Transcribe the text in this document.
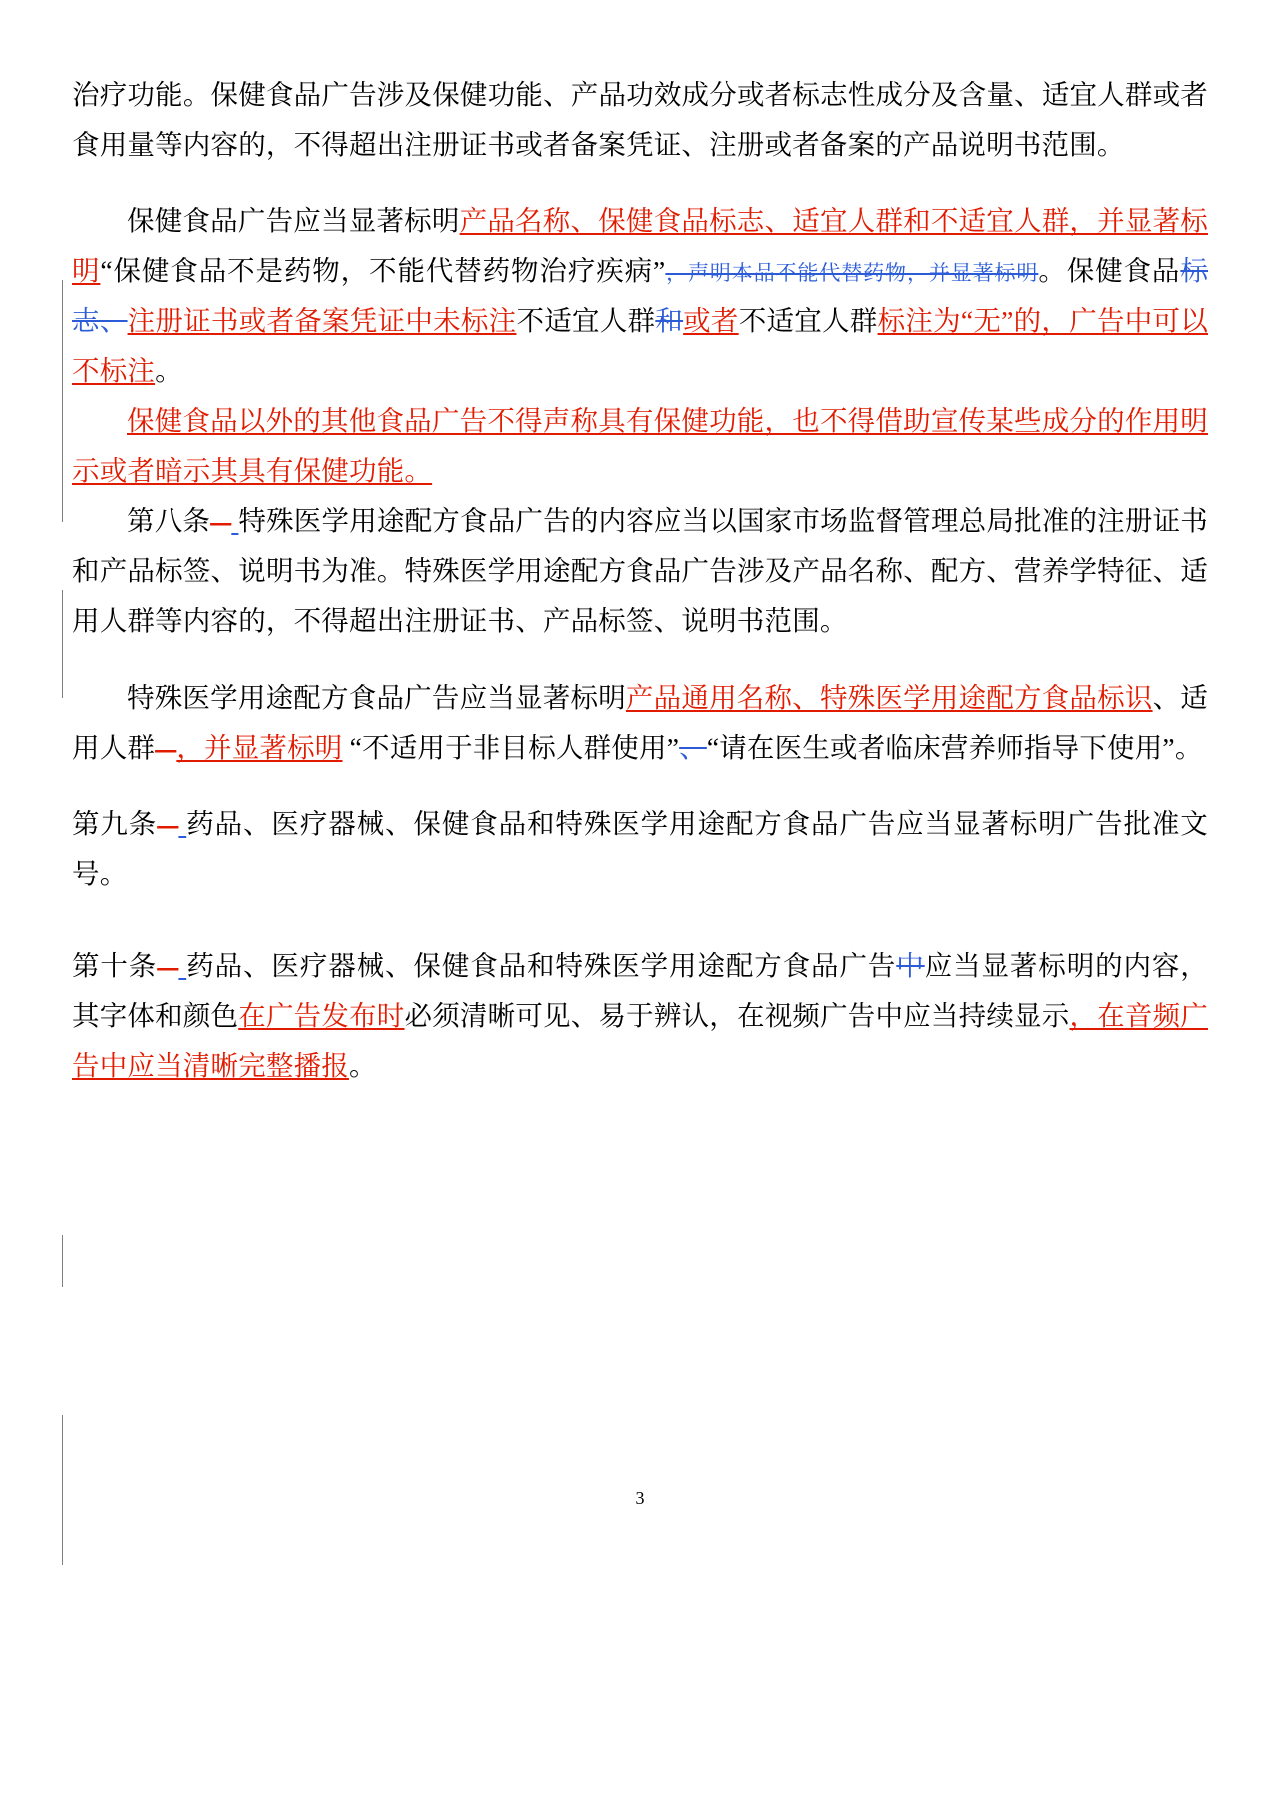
治疗功能。保健食品广告涉及保健功能、产品功效成分或者标志性成分及含量、适宜人群或者食用量等内容的，不得超出注册证书或者备案凭证、注册或者备案的产品说明书范围。

保健食品广告应当显著标明产品名称、保健食品标志、适宜人群和不适宜人群，并显著标明“保健食品不是药物，不能代替药物治疗疾病”，声明本品不能代替药物，并显著标明。保健食品标志、注册证书或者备案凭证中未标注不适宜人群和或者不适宜人群标注为“无”的，广告中可以不标注。

保健食品以外的其他食品广告不得声称具有保健功能，也不得借助宣传某些成分的作用明示或者暗示其具有保健功能。

第八条— 特殊医学用途配方食品广告的内容应当以国家市场监督管理总局批准的注册证书和产品标签、说明书为准。特殊医学用途配方食品广告涉及产品名称、配方、营养学特征、适用人群等内容的，不得超出注册证书、产品标签、说明书范围。

特殊医学用途配方食品广告应当显著标明产品通用名称、特殊医学用途配方食品标识、适用人群—，并显著标明 “不适用于非目标人群使用”、“请在医生或者临床营养师指导下使用”。

第九条— 药品、医疗器械、保健食品和特殊医学用途配方食品广告应当显著标明广告批准文号。

第十条— 药品、医疗器械、保健食品和特殊医学用途配方食品广告中应当显著标明的内容，其字体和颜色在广告发布时必须清晰可见、易于辨认，在视频广告中应当持续显示，在音频广告中应当清晰完整播报。

3
